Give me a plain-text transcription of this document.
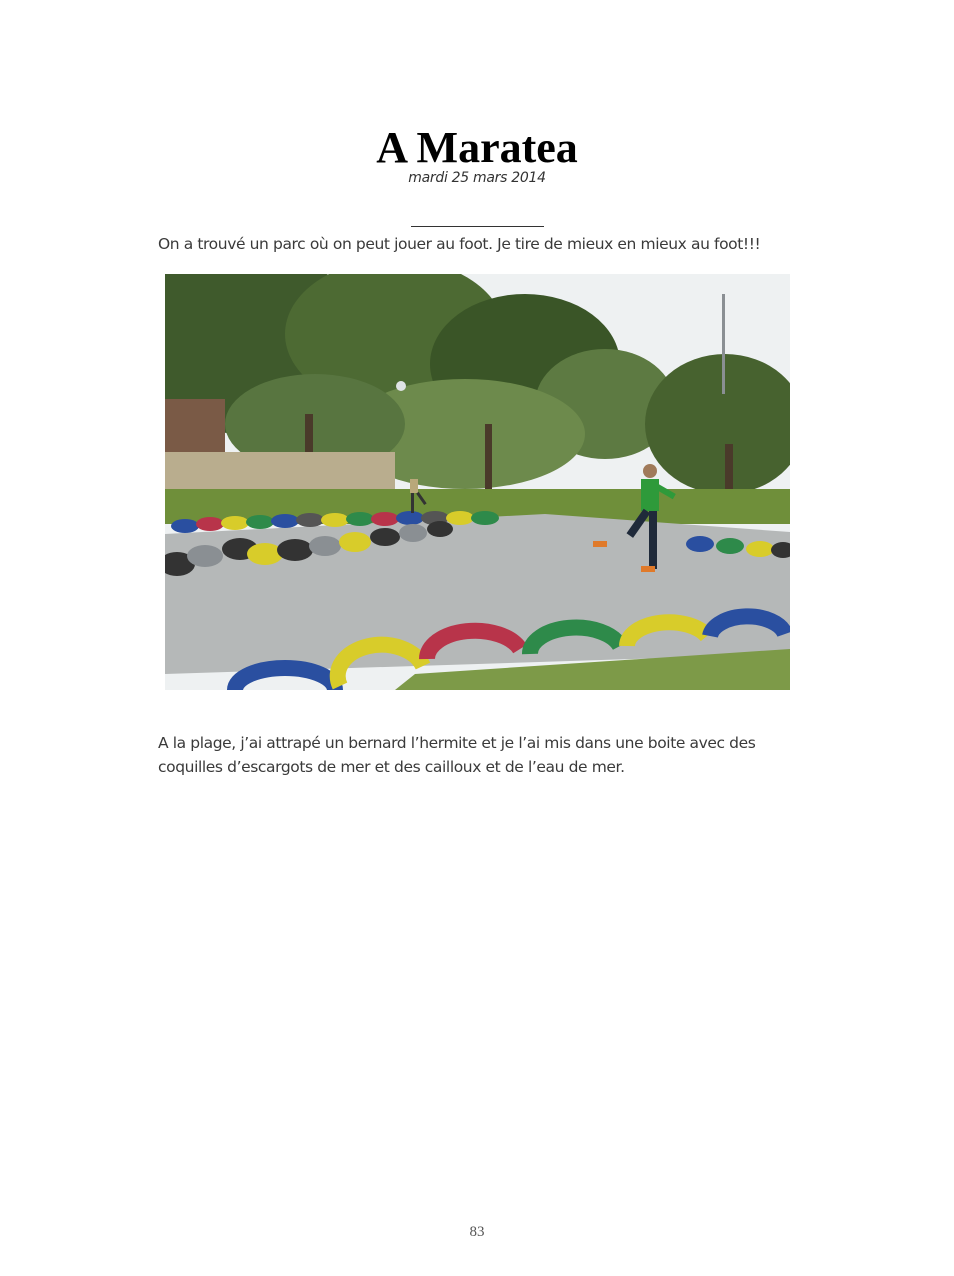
A Maratea
mardi 25 mars 2014

On a trouvé un parc où on peut jouer au foot. Je tire de mieux en mieux au foot!!!

A la plage, j’ai attrapé un bernard l’hermite et je l’ai mis dans une boite avec des coquilles d’escargots de mer et des cailloux et de l’eau de mer.

83
